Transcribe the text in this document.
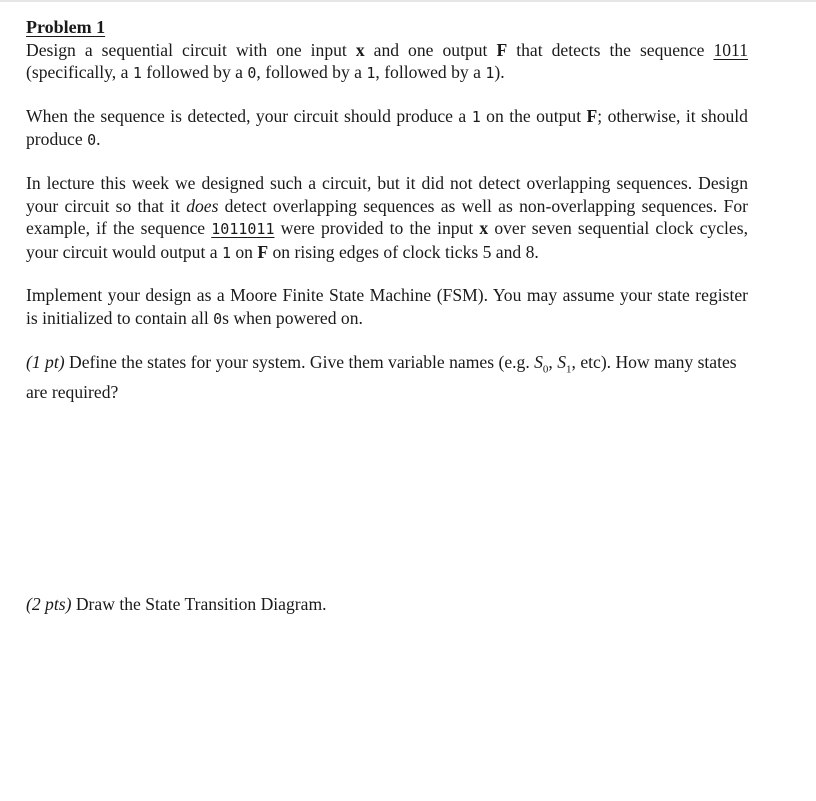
Problem 1

Design a sequential circuit with one input x and one output F that detects the sequence 1011 (specifically, a 1 followed by a 0, followed by a 1, followed by a 1).

When the sequence is detected, your circuit should produce a 1 on the output F; otherwise, it should produce 0.

In lecture this week we designed such a circuit, but it did not detect overlapping sequences. Design your circuit so that it does detect overlapping sequences as well as non-overlapping sequences. For example, if the sequence 1011011 were provided to the input x over seven sequential clock cycles, your circuit would output a 1 on F on rising edges of clock ticks 5 and 8.

Implement your design as a Moore Finite State Machine (FSM). You may assume your state register is initialized to contain all 0s when powered on.

(1 pt) Define the states for your system. Give them variable names (e.g. $S_0$, $S_1$, etc). How many states are required?

(2 pts) Draw the State Transition Diagram.
